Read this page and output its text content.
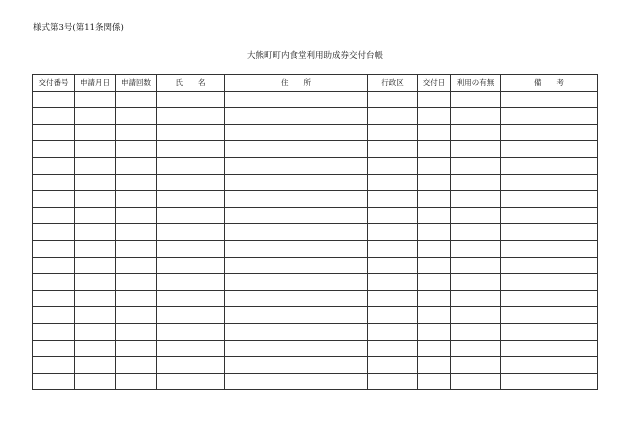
様式第3号(第11条関係)
大熊町町内食堂利用助成券交付台帳
交付番号	申請月日	申請回数	氏　　名	住　　所	行政区	交付日	利用の有無	備　　考
